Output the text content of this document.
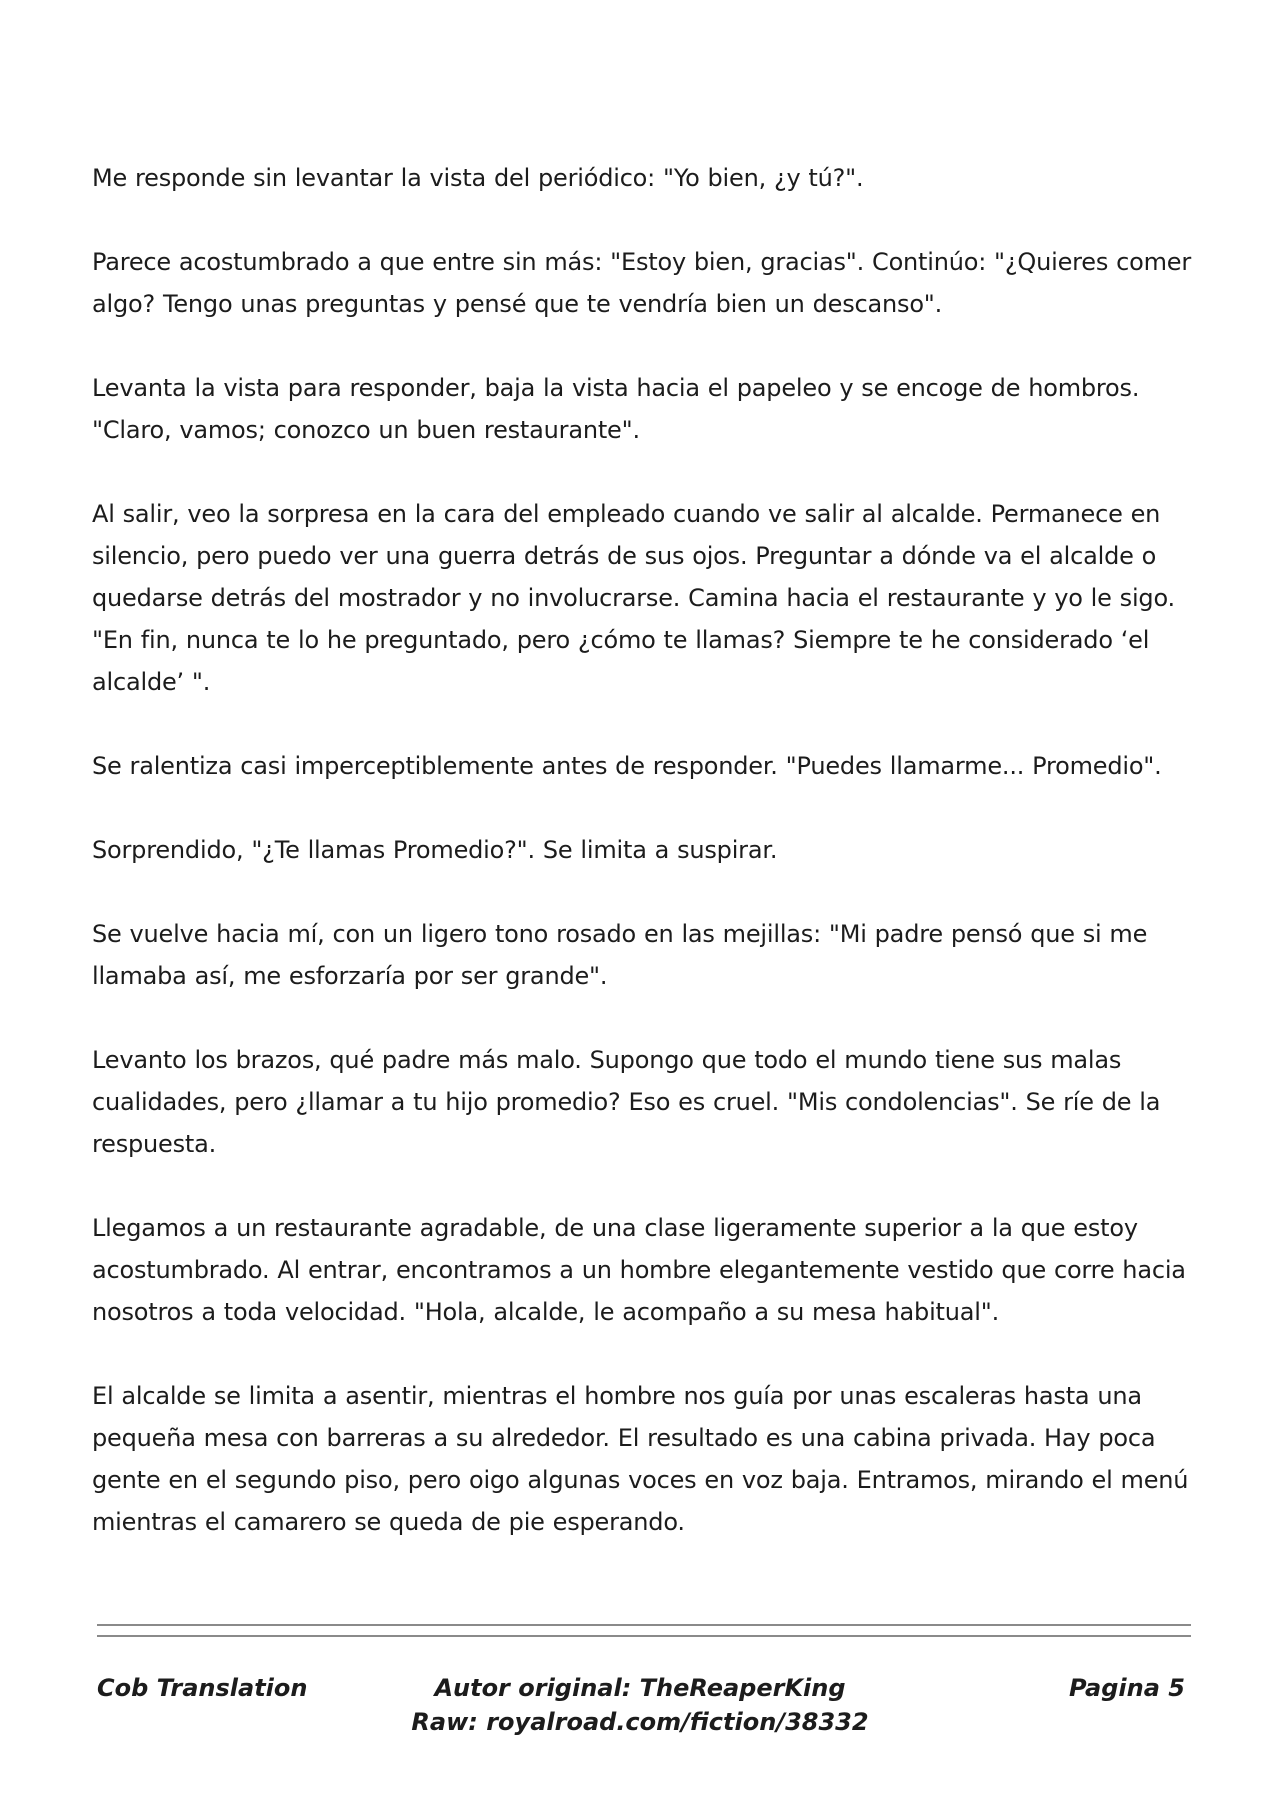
Me responde sin levantar la vista del periódico: "Yo bien, ¿y tú?".

Parece acostumbrado a que entre sin más: "Estoy bien, gracias". Continúo: "¿Quieres comer algo? Tengo unas preguntas y pensé que te vendría bien un descanso".

Levanta la vista para responder, baja la vista hacia el papeleo y se encoge de hombros. "Claro, vamos; conozco un buen restaurante".

Al salir, veo la sorpresa en la cara del empleado cuando ve salir al alcalde. Permanece en silencio, pero puedo ver una guerra detrás de sus ojos. Preguntar a dónde va el alcalde o quedarse detrás del mostrador y no involucrarse. Camina hacia el restaurante y yo le sigo. "En fin, nunca te lo he preguntado, pero ¿cómo te llamas? Siempre te he considerado ‘el alcalde’ ".

Se ralentiza casi imperceptiblemente antes de responder. "Puedes llamarme... Promedio".

Sorprendido, "¿Te llamas Promedio?". Se limita a suspirar.

Se vuelve hacia mí, con un ligero tono rosado en las mejillas: "Mi padre pensó que si me llamaba así, me esforzaría por ser grande".

Levanto los brazos, qué padre más malo. Supongo que todo el mundo tiene sus malas cualidades, pero ¿llamar a tu hijo promedio? Eso es cruel. "Mis condolencias". Se ríe de la respuesta.

Llegamos a un restaurante agradable, de una clase ligeramente superior a la que estoy acostumbrado. Al entrar, encontramos a un hombre elegantemente vestido que corre hacia nosotros a toda velocidad. "Hola, alcalde, le acompaño a su mesa habitual".

El alcalde se limita a asentir, mientras el hombre nos guía por unas escaleras hasta una pequeña mesa con barreras a su alrededor. El resultado es una cabina privada. Hay poca gente en el segundo piso, pero oigo algunas voces en voz baja. Entramos, mirando el menú mientras el camarero se queda de pie esperando.

Cob Translation	Autor original: TheReaperKing
Raw: royalroad.com/fiction/38332
Pagina 5
